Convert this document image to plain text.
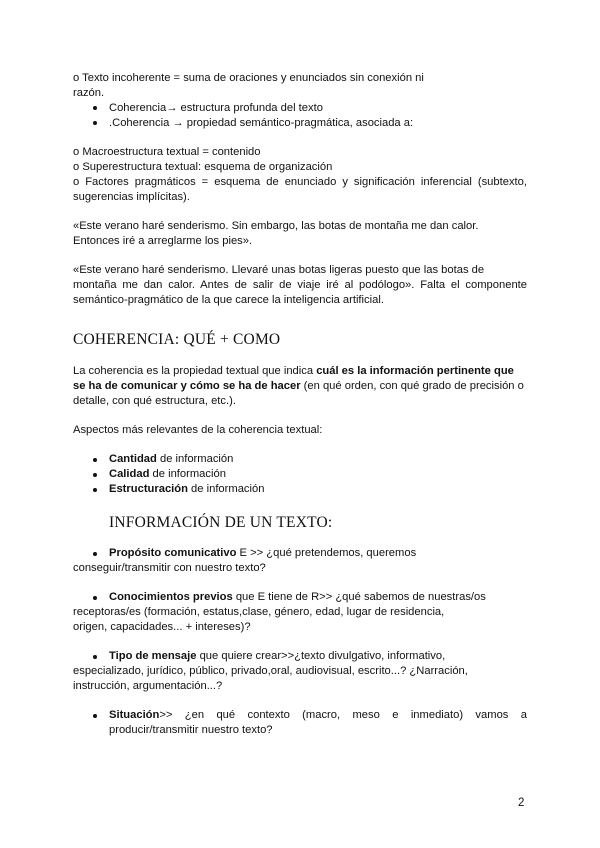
o Texto incoherente = suma de oraciones y enunciados sin conexión ni
razón.
Coherencia→ estructura profunda del texto
.Coherencia → propiedad semántico-pragmática, asociada a:
o Macroestructura textual = contenido
o Superestructura textual: esquema de organización
o Factores pragmáticos = esquema de enunciado y significación inferencial (subtexto,
sugerencias implícitas).
«Este verano haré senderismo. Sin embargo, las botas de montaña me dan calor.
Entonces iré a arreglarme los pies».
«Este verano haré senderismo. Llevaré unas botas ligeras puesto que las botas de
montaña me dan calor. Antes de salir de viaje iré al podólogo». Falta el componente
semántico-pragmático de la que carece la inteligencia artificial.
COHERENCIA: QUÉ + COMO
La coherencia es la propiedad textual que indica cuál es la información pertinente que
se ha de comunicar y cómo se ha de hacer (en qué orden, con qué grado de precisión o
detalle, con qué estructura, etc.).
Aspectos más relevantes de la coherencia textual:
Cantidad de información
Calidad de información
Estructuración de información
INFORMACIÓN DE UN TEXTO:
Propósito comunicativo E >> ¿qué pretendemos, queremos
conseguir/transmitir con nuestro texto?
Conocimientos previos que E tiene de R>> ¿qué sabemos de nuestras/os
receptoras/es (formación, estatus,clase, género, edad, lugar de residencia,
origen, capacidades... + intereses)?
Tipo de mensaje que quiere crear>>¿texto divulgativo, informativo,
especializado, jurídico, público, privado,oral, audiovisual, escrito...? ¿Narración,
instrucción, argumentación...?
Situación>> ¿en qué contexto (macro, meso e inmediato) vamos a
producir/transmitir nuestro texto?
2
